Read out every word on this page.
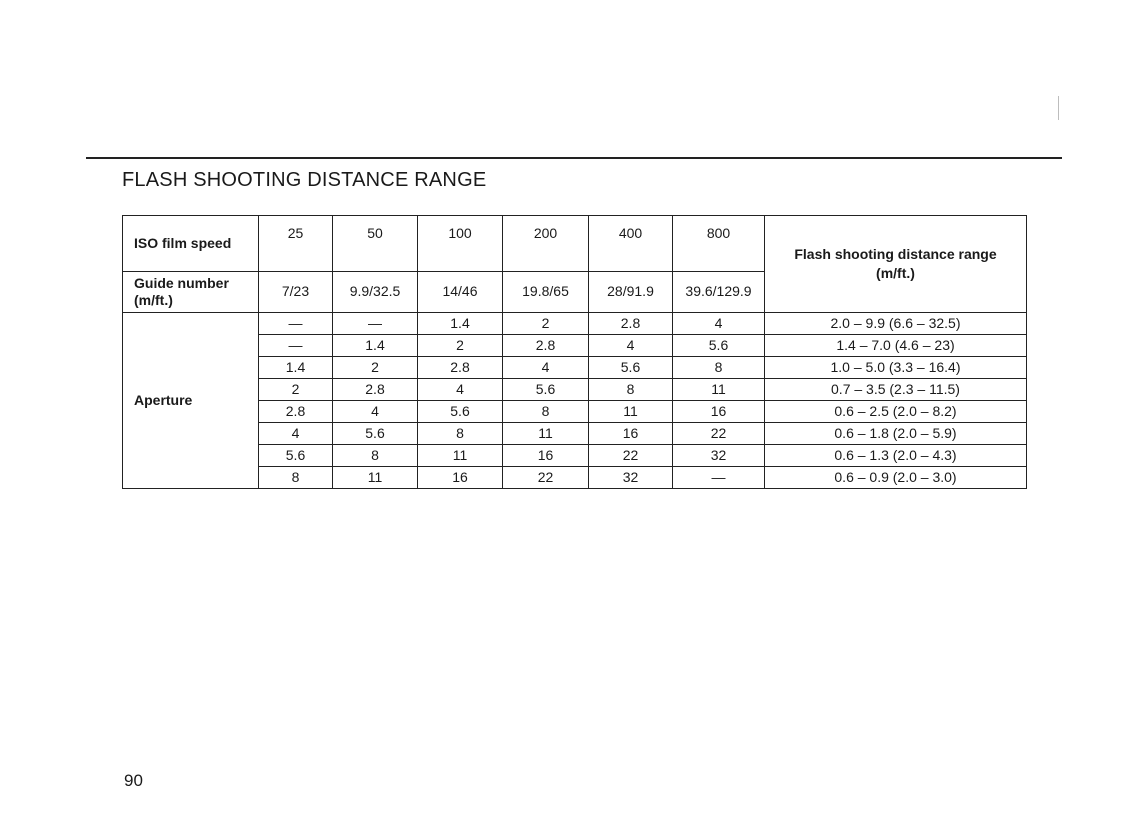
FLASH SHOOTING DISTANCE RANGE
ISO film speed	25	50	100	200	400	800	Flash shooting distance range
(m/ft.)

Guide number
(m/ft.)	7/23	9.9/32.5	14/46	19.8/65	28/91.9	39.6/129.9	
Aperture	—	—	1.4	2	2.8	4	2.0 – 9.9 (6.6 – 32.5)
	—	1.4	2	2.8	4	5.6	1.4 – 7.0 (4.6 – 23)
	1.4	2	2.8	4	5.6	8	1.0 – 5.0 (3.3 – 16.4)
	2	2.8	4	5.6	8	11	0.7 – 3.5 (2.3 – 11.5)
	2.8	4	5.6	8	11	16	0.6 – 2.5 (2.0 – 8.2)
	4	5.6	8	11	16	22	0.6 – 1.8 (2.0 – 5.9)
	5.6	8	11	16	22	32	0.6 – 1.3 (2.0 – 4.3)
	8	11	16	22	32	—	0.6 – 0.9 (2.0 – 3.0)
90
